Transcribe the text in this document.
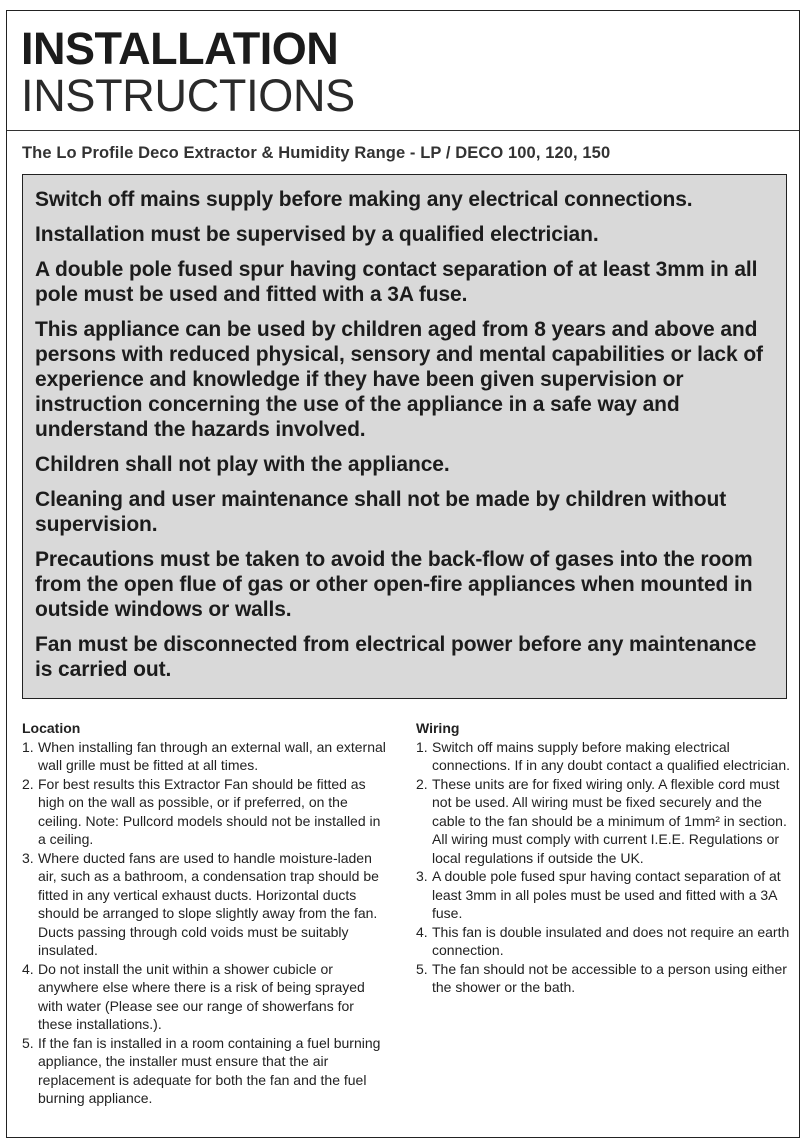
INSTALLATION
INSTRUCTIONS
The Lo Profile Deco Extractor & Humidity Range - LP / DECO 100, 120, 150

Switch off mains supply before making any electrical connections.

Installation must be supervised by a qualified electrician.

A double pole fused spur having contact separation of at least 3mm in all pole must be used and fitted with a 3A fuse.

This appliance can be used by children aged from 8 years and above and persons with reduced physical, sensory and mental capabilities or lack of experience and knowledge if they have been given supervision or instruction concerning the use of the appliance in a safe way and understand the hazards involved.

Children shall not play with the appliance.

Cleaning and user maintenance shall not be made by children without supervision.

Precautions must be taken to avoid the back-flow of gases into the room from the open flue of gas or other open-fire appliances when mounted in outside windows or walls.

Fan must be disconnected from electrical power before any maintenance is carried out.

Location
1. When installing fan through an external wall, an external wall grille must be fitted at all times.
2. For best results this Extractor Fan should be fitted as high on the wall as possible, or if preferred, on the ceiling. Note: Pullcord models should not be installed in a ceiling.
3. Where ducted fans are used to handle moisture-laden air, such as a bathroom, a condensation trap should be fitted in any vertical exhaust ducts. Horizontal ducts should be arranged to slope slightly away from the fan. Ducts passing through cold voids must be suitably insulated.
4. Do not install the unit within a shower cubicle or anywhere else where there is a risk of being sprayed with water (Please see our range of showerfans for these installations.).
5. If the fan is installed in a room containing a fuel burning appliance, the installer must ensure that the air replacement is adequate for both the fan and the fuel burning appliance.
Wiring
1. Switch off mains supply before making electrical connections. If in any doubt contact a qualified electrician.
2. These units are for fixed wiring only. A flexible cord must not be used. All wiring must be fixed securely and the cable to the fan should be a minimum of 1mm² in section. All wiring must comply with current I.E.E. Regulations or local regulations if outside the UK.
3. A double pole fused spur having contact separation of at least 3mm in all poles must be used and fitted with a 3A fuse.
4. This fan is double insulated and does not require an earth connection.
5. The fan should not be accessible to a person using either the shower or the bath.
